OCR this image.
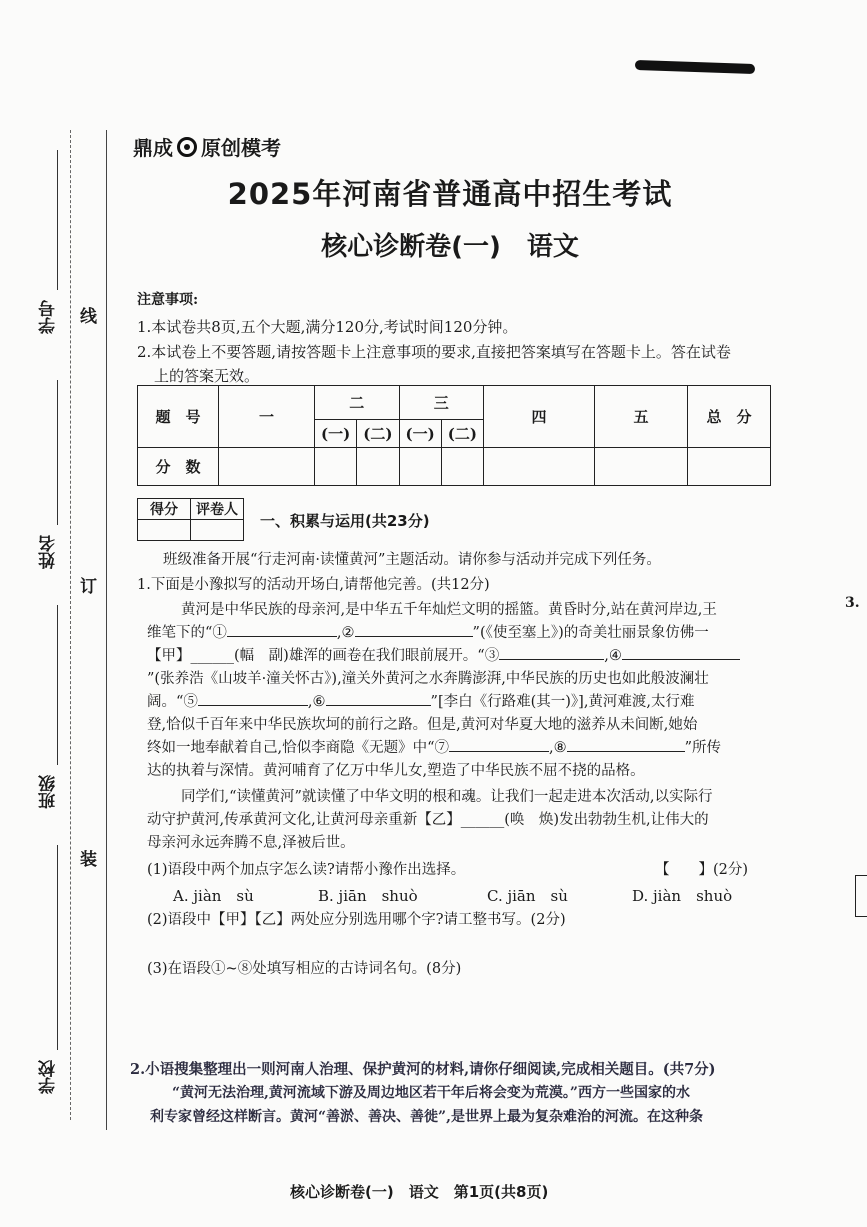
学号 线
姓名
订
班级
装
学校

鼎成 原创模考
2025年河南省普通高中招生考试
核心诊断卷(一) 语文
注意事项:
1.本试卷共8页,五个大题,满分120分,考试时间120分钟。
2.本试卷上不要答题,请按答题卡上注意事项的要求,直接把答案填写在答题卡上。答在试卷
上的答案无效。
题　号	一	二		三		四	五	总　分
		(一)	(二)	(一)	(二)			
分　数								
得分	评卷人

一、积累与运用(共23分)
班级准备开展“行走河南·读懂黄河”主题活动。请你参与活动并完成下列任务。
1.下面是小豫拟写的活动开场白,请帮他完善。(共12分)
黄河是中华民族的母亲河,是中华五千年灿烂文明的摇篮。黄昏时分,站在黄河岸边,王
维笔下的“①	,②	”(《使至塞上》)的奇美壮丽景象仿佛一
【甲】______(幅　副)雄浑的画卷在我们眼前展开。“③	,④
”(张养浩《山坡羊·潼关怀古》),潼关外黄河之水奔腾澎湃,中华民族的历史也如此般波澜壮
阔。“⑤	,⑥	”[李白《行路难(其一)》],黄河难渡,太行难
登,恰似千百年来中华民族坎坷的前行之路。但是,黄河对华夏大地的滋养从未间断,她始
终如一地奉献着自己,恰似李商隐《无题》中“⑦	,⑧	”所传
达的执着与深情。黄河哺育了亿万中华儿女,塑造了中华民族不屈不挠的品格。
同学们,“读懂黄河”就读懂了中华文明的根和魂。让我们一起走进本次活动,以实际行
动守护黄河,传承黄河文化,让黄河母亲重新【乙】______(唤　焕)发出勃勃生机,让伟大的
母亲河永远奔腾不息,泽被后世。
(1)语段中两个加点字怎么读?请帮小豫作出选择。	【　　】(2分)
A. jiàn　sù	B. jiān　shuò	C. jiān　sù	D. jiàn　shuò
(2)语段中【甲】【乙】两处应分别选用哪个字?请工整书写。(2分)
(3)在语段①~⑧处填写相应的古诗词名句。(8分)
2.小语搜集整理出一则河南人治理、保护黄河的材料,请你仔细阅读,完成相关题目。(共7分)
“黄河无法治理,黄河流域下游及周边地区若干年后将会变为荒漠。”西方一些国家的水
利专家曾经这样断言。黄河“善淤、善决、善徙”,是世界上最为复杂难治的河流。在这种条
核心诊断卷(一)　语文　第1页(共8页)
3.
